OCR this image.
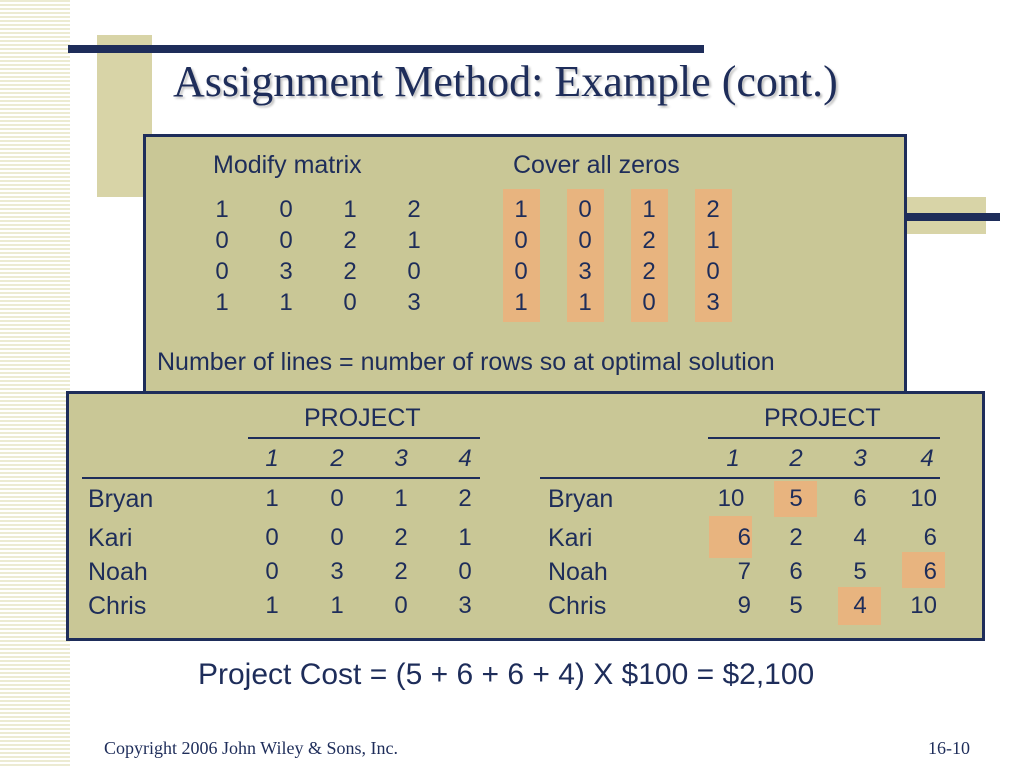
Assignment Method: Example (cont.)
Modify matrix	Cover all zeros
1	0	1	2
0	0	2	1
0	3	2	0
1	1	0	3
1	0	1	2
0	0	2	1
0	3	2	0
1	1	0	3
Number of lines = number of rows so at optimal solution
PROJECT
1	2	3	4
Bryan	1	0	1	2
Kari	0	0	2	1
Noah	0	3	2	0
Chris	1	1	0	3
PROJECT
1	2	3	4
Bryan	10	5	6	10
Kari	6	2	4	6
Noah	7	6	5	6
Chris	9	5	4	10
Project Cost = (5 + 6 + 6 + 4) X $100 = $2,100
Copyright 2006 John Wiley & Sons, Inc.	16-10
